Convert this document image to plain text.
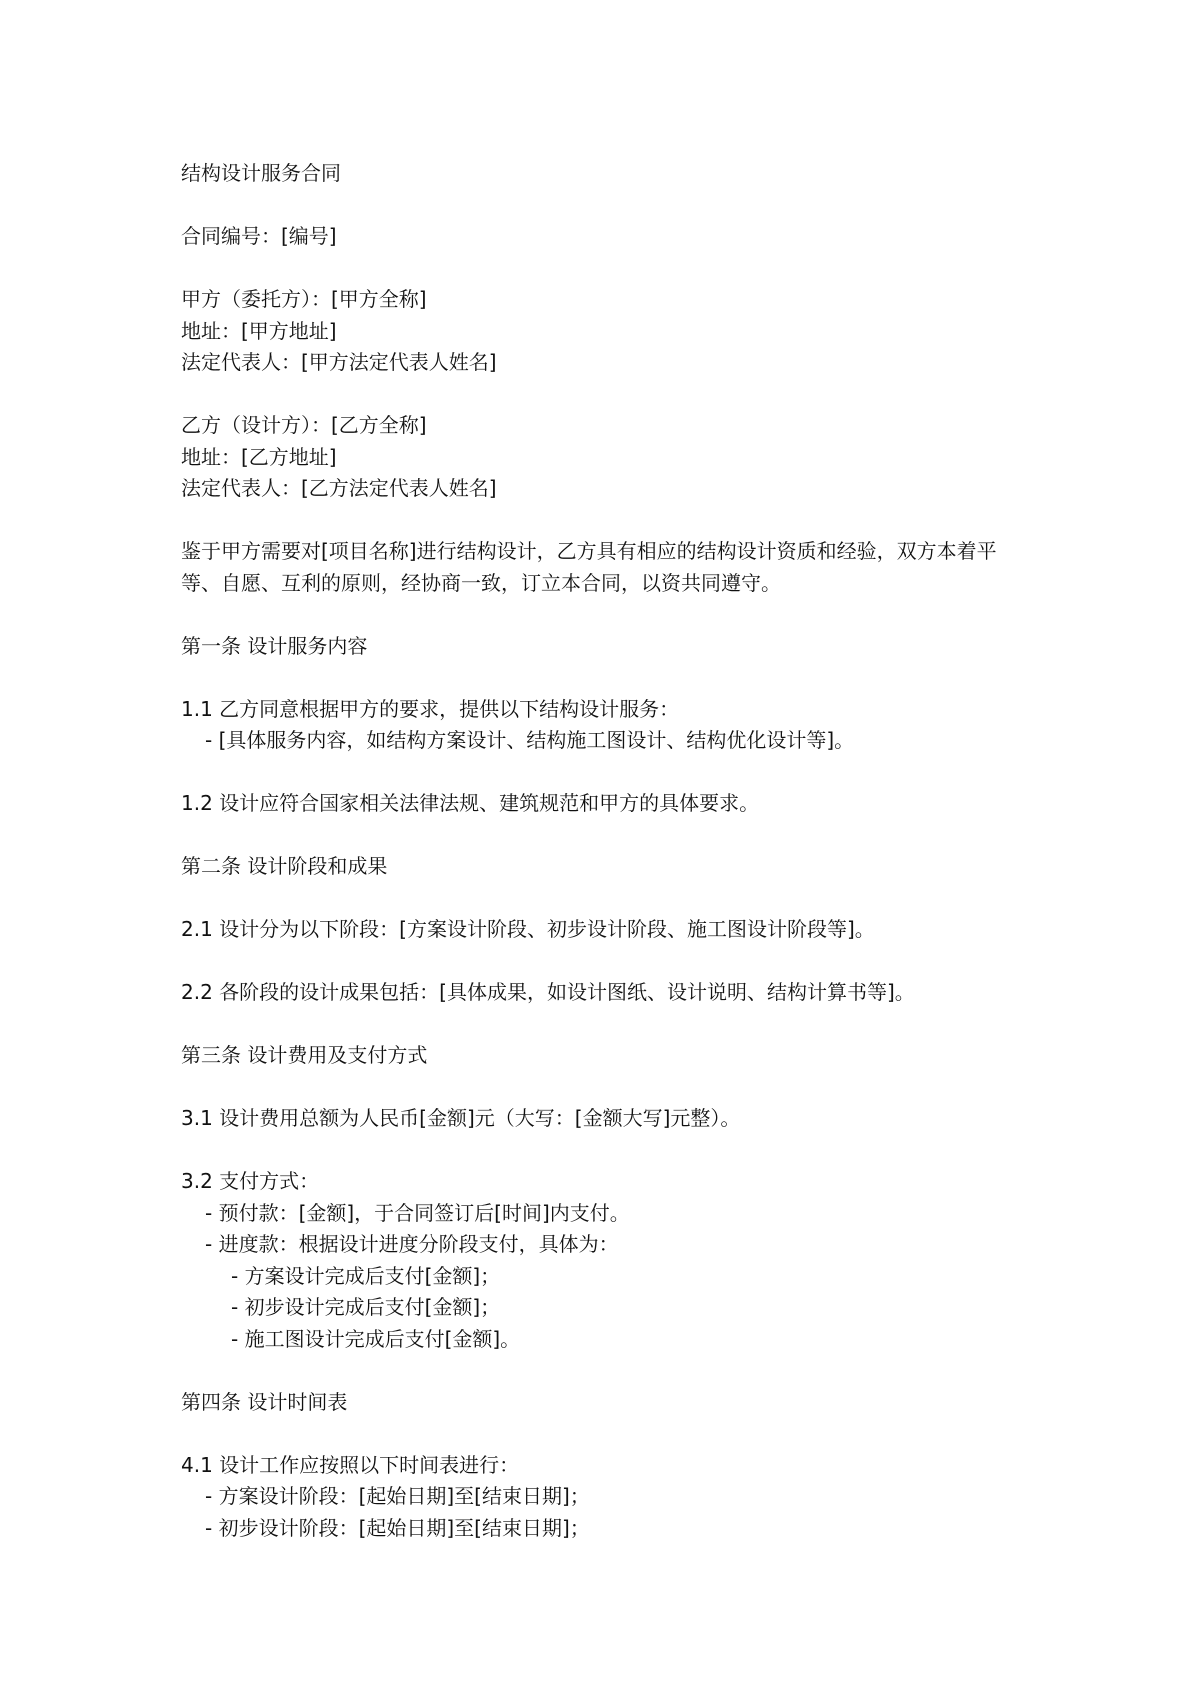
结构设计服务合同
合同编号：[编号]
甲方（委托方）：[甲方全称]
地址：[甲方地址]
法定代表人：[甲方法定代表人姓名]
乙方（设计方）：[乙方全称]
地址：[乙方地址]
法定代表人：[乙方法定代表人姓名]
鉴于甲方需要对[项目名称]进行结构设计，乙方具有相应的结构设计资质和经验，双方本着平等、自愿、互利的原则，经协商一致，订立本合同，以资共同遵守。
第一条 设计服务内容
1.1 乙方同意根据甲方的要求，提供以下结构设计服务：
- [具体服务内容，如结构方案设计、结构施工图设计、结构优化设计等]。
1.2 设计应符合国家相关法律法规、建筑规范和甲方的具体要求。
第二条 设计阶段和成果
2.1 设计分为以下阶段：[方案设计阶段、初步设计阶段、施工图设计阶段等]。
2.2 各阶段的设计成果包括：[具体成果，如设计图纸、设计说明、结构计算书等]。
第三条 设计费用及支付方式
3.1 设计费用总额为人民币[金额]元（大写：[金额大写]元整）。
3.2 支付方式：
- 预付款：[金额]，于合同签订后[时间]内支付。
- 进度款：根据设计进度分阶段支付，具体为：
- 方案设计完成后支付[金额]；
- 初步设计完成后支付[金额]；
- 施工图设计完成后支付[金额]。
第四条 设计时间表
4.1 设计工作应按照以下时间表进行：
- 方案设计阶段：[起始日期]至[结束日期]；
- 初步设计阶段：[起始日期]至[结束日期]；
